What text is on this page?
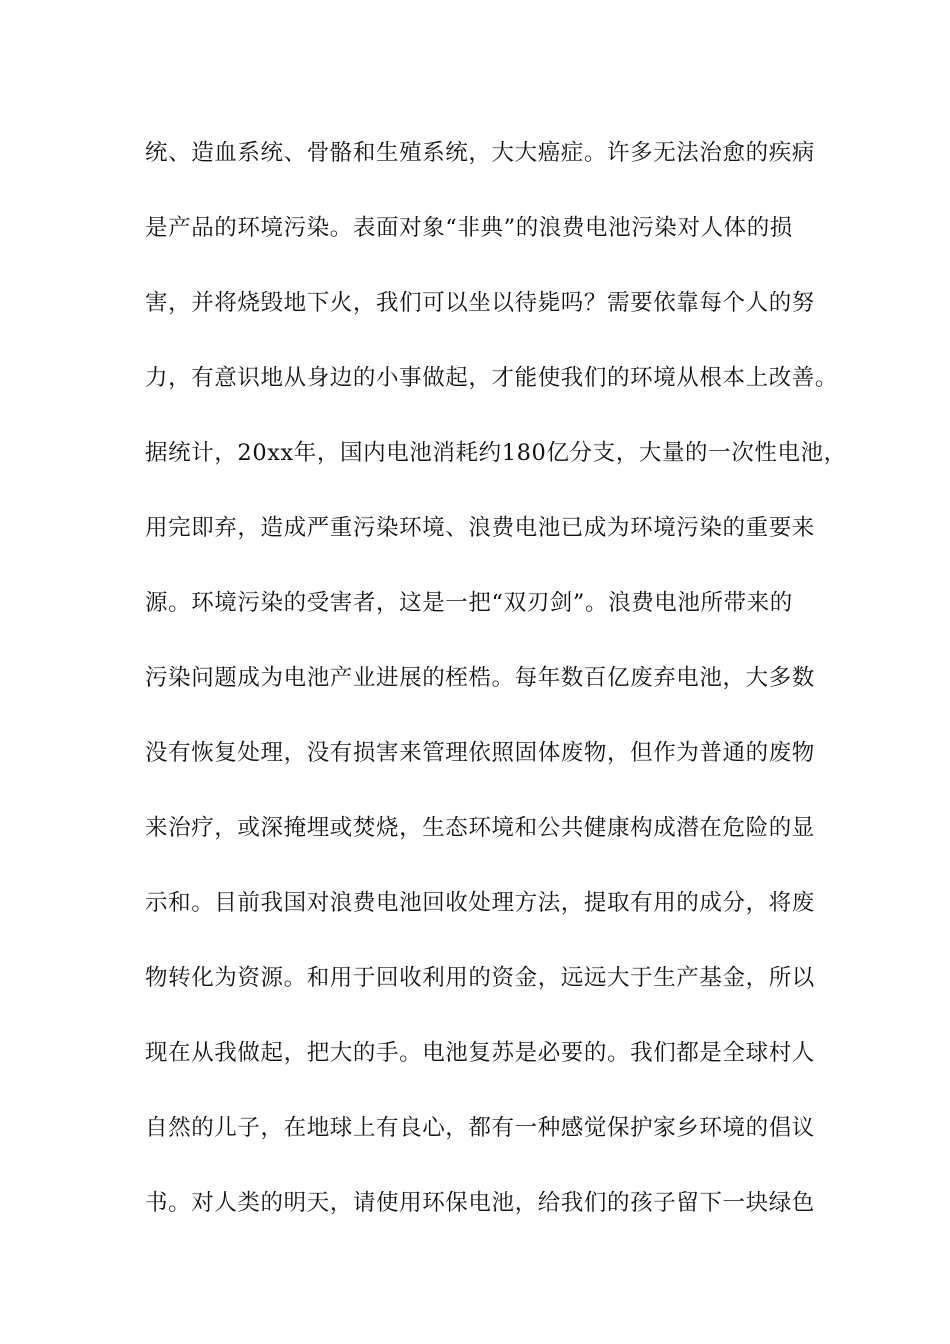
统、造血系统、骨骼和生殖系统，大大癌症。许多无法治愈的疾病
是产品的环境污染。表面对象“非典”的浪费电池污染对人体的损
害，并将烧毁地下火，我们可以坐以待毙吗？需要依靠每个人的努
力，有意识地从身边的小事做起，才能使我们的环境从根本上改善。
据统计，20xx年，国内电池消耗约180亿分支，大量的一次性电池，
用完即弃，造成严重污染环境、浪费电池已成为环境污染的重要来
源。环境污染的受害者，这是一把“双刃剑”。浪费电池所带来的
污染问题成为电池产业进展的桎梏。每年数百亿废弃电池，大多数
没有恢复处理，没有损害来管理依照固体废物，但作为普通的废物
来治疗，或深掩埋或焚烧，生态环境和公共健康构成潜在危险的显
示和。目前我国对浪费电池回收处理方法，提取有用的成分，将废
物转化为资源。和用于回收利用的资金，远远大于生产基金，所以
现在从我做起，把大的手。电池复苏是必要的。我们都是全球村人
自然的儿子，在地球上有良心，都有一种感觉保护家乡环境的倡议
书。对人类的明天，请使用环保电池，给我们的孩子留下一块绿色
